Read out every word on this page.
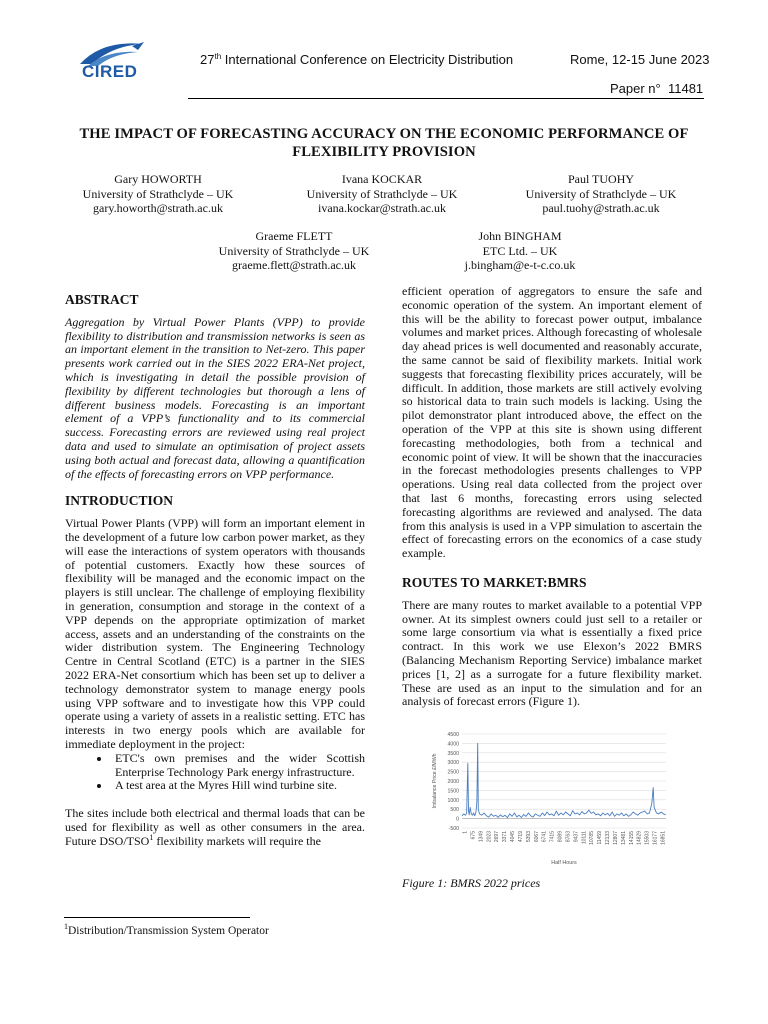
CIRED
27th International Conference on Electricity Distribution	Rome, 12-15 June 2023
Paper n° 11481
THE IMPACT OF FORECASTING ACCURACY ON THE ECONOMIC PERFORMANCE OF FLEXIBILITY PROVISION
Gary HOWORTH
University of Strathclyde – UK
gary.howorth@strath.ac.uk
Ivana KOCKAR
University of Strathclyde – UK
ivana.kockar@strath.ac.uk
Paul TUOHY
University of Strathclyde – UK
paul.tuohy@strath.ac.uk
Graeme FLETT
University of Strathclyde – UK
graeme.flett@strath.ac.uk
John BINGHAM
ETC Ltd. – UK
j.bingham@e-t-c.co.uk
ABSTRACT

Aggregation by Virtual Power Plants (VPP) to provide flexibility to distribution and transmission networks is seen as an important element in the transition to Net-zero. This paper presents work carried out in the SIES 2022 ERA-Net project, which is investigating in detail the possible provision of flexibility by different technologies but thorough a lens of different business models. Forecasting is an important element of a VPP’s functionality and to its commercial success. Forecasting errors are reviewed using real project data and used to simulate an optimisation of project assets using both actual and forecast data, allowing a quantification of the effects of forecasting errors on VPP performance.

INTRODUCTION

Virtual Power Plants (VPP) will form an important element in the development of a future low carbon power market, as they will ease the interactions of system operators with thousands of potential customers. Exactly how these sources of flexibility will be managed and the economic impact on the players is still unclear. The challenge of employing flexibility in generation, consumption and storage in the context of a VPP depends on the appropriate optimization of market access, assets and an understanding of the constraints on the wider distribution system. The Engineering Technology Centre in Central Scotland (ETC) is a partner in the SIES 2022 ERA-Net consortium which has been set up to deliver a technology demonstrator system to manage energy pools using VPP software and to investigate how this VPP could operate using a variety of assets in a realistic setting. ETC has interests in two energy pools which are available for immediate deployment in the project:

• ETC's own premises and the wider Scottish Enterprise Technology Park energy infrastructure.
• A test area at the Myres Hill wind turbine site.

The sites include both electrical and thermal loads that can be used for flexibility as well as other consumers in the area. Future DSO/TSO$^1$ flexibility markets will require the

efficient operation of aggregators to ensure the safe and economic operation of the system. An important element of this will be the ability to forecast power output, imbalance volumes and market prices. Although forecasting of wholesale day ahead prices is well documented and reasonably accurate, the same cannot be said of flexibility markets. Initial work suggests that forecasting flexibility prices accurately, will be difficult. In addition, those markets are still actively evolving so historical data to train such models is lacking. Using the pilot demonstrator plant introduced above, the effect on the operation of the VPP at this site is shown using different forecasting methodologies, both from a technical and economic point of view. It will be shown that the inaccuracies in the forecast methodologies presents challenges to VPP operations. Using real data collected from the project over that last 6 months, forecasting errors using selected forecasting algorithms are reviewed and analysed. The data from this analysis is used in a VPP simulation to ascertain the effect of forecasting errors on the economics of a case study example.

ROUTES TO MARKET:BMRS

There are many routes to market available to a potential VPP owner. At its simplest owners could just sell to a retailer or some large consortium via what is essentially a fixed price contract. In this work we use Elexon’s 2022 BMRS (Balancing Mechanism Reporting Service) imbalance market prices [1, 2] as a surrogate for a future flexibility market. These are used as an input to the simulation and for an analysis of forecast errors (Figure 1).

4500
4000
3500
3000
2500
2000
1500
1000
500
0
-500
Imbalance Price £/MWh
1 675 1349 2023 2697 3371 4045 4719 5393 6067 6741 7415 8089 8763 9437 10111 10785 11459 12133 12807 13481 14155 14829 15503 16177 16851
Half Hours
Figure 1: BMRS 2022 prices
$^1$Distribution/Transmission System Operator
